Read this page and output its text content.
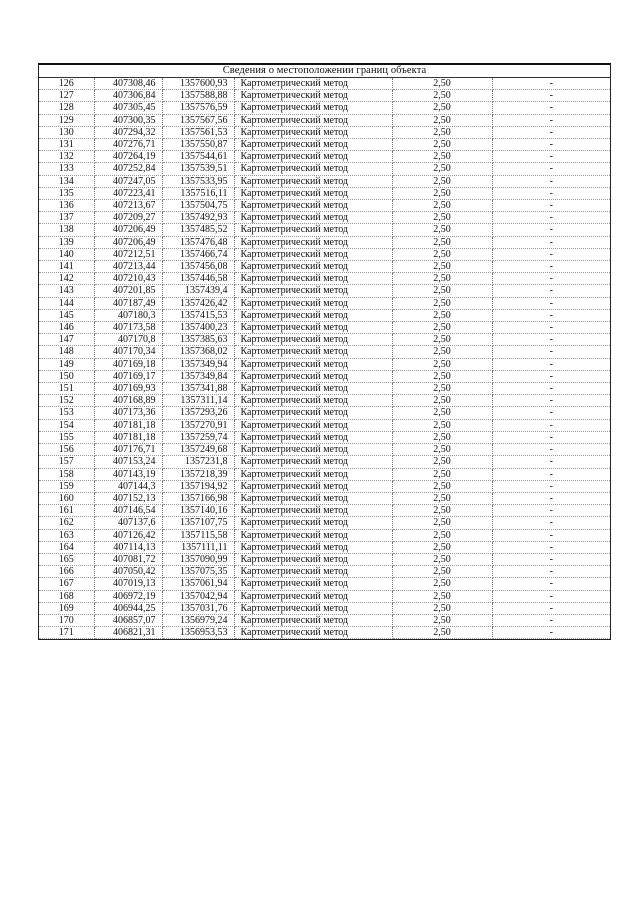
Сведения о местоположении границ объекта
126	407308,46	1357600,93	Картометрический метод	2,50	-
127	407306,84	1357588,88	Картометрический метод	2,50	-
128	407305,45	1357576,59	Картометрический метод	2,50	-
129	407300,35	1357567,56	Картометрический метод	2,50	-
130	407294,32	1357561,53	Картометрический метод	2,50	-
131	407276,71	1357550,87	Картометрический метод	2,50	-
132	407264,19	1357544,61	Картометрический метод	2,50	-
133	407252,84	1357539,51	Картометрический метод	2,50	-
134	407247,05	1357533,95	Картометрический метод	2,50	-
135	407223,41	1357516,11	Картометрический метод	2,50	-
136	407213,67	1357504,75	Картометрический метод	2,50	-
137	407209,27	1357492,93	Картометрический метод	2,50	-
138	407206,49	1357485,52	Картометрический метод	2,50	-
139	407206,49	1357476,48	Картометрический метод	2,50	-
140	407212,51	1357466,74	Картометрический метод	2,50	-
141	407213,44	1357456,08	Картометрический метод	2,50	-
142	407210,43	1357446,58	Картометрический метод	2,50	-
143	407201,85	1357439,4	Картометрический метод	2,50	-
144	407187,49	1357426,42	Картометрический метод	2,50	-
145	407180,3	1357415,53	Картометрический метод	2,50	-
146	407173,58	1357400,23	Картометрический метод	2,50	-
147	407170,8	1357385,63	Картометрический метод	2,50	-
148	407170,34	1357368,02	Картометрический метод	2,50	-
149	407169,18	1357349,94	Картометрический метод	2,50	-
150	407169,17	1357349,84	Картометрический метод	2,50	-
151	407169,93	1357341,88	Картометрический метод	2,50	-
152	407168,89	1357311,14	Картометрический метод	2,50	-
153	407173,36	1357293,26	Картометрический метод	2,50	-
154	407181,18	1357270,91	Картометрический метод	2,50	-
155	407181,18	1357259,74	Картометрический метод	2,50	-
156	407176,71	1357249,68	Картометрический метод	2,50	-
157	407153,24	1357231,8	Картометрический метод	2,50	-
158	407143,19	1357218,39	Картометрический метод	2,50	-
159	407144,3	1357194,92	Картометрический метод	2,50	-
160	407152,13	1357166,98	Картометрический метод	2,50	-
161	407146,54	1357140,16	Картометрический метод	2,50	-
162	407137,6	1357107,75	Картометрический метод	2,50	-
163	407126,42	1357115,58	Картометрический метод	2,50	-
164	407114,13	1357111,11	Картометрический метод	2,50	-
165	407081,72	1357090,99	Картометрический метод	2,50	-
166	407050,42	1357075,35	Картометрический метод	2,50	-
167	407019,13	1357061,94	Картометрический метод	2,50	-
168	406972,19	1357042,94	Картометрический метод	2,50	-
169	406944,25	1357031,76	Картометрический метод	2,50	-
170	406857,07	1356979,24	Картометрический метод	2,50	-
171	406821,31	1356953,53	Картометрический метод	2,50	-
